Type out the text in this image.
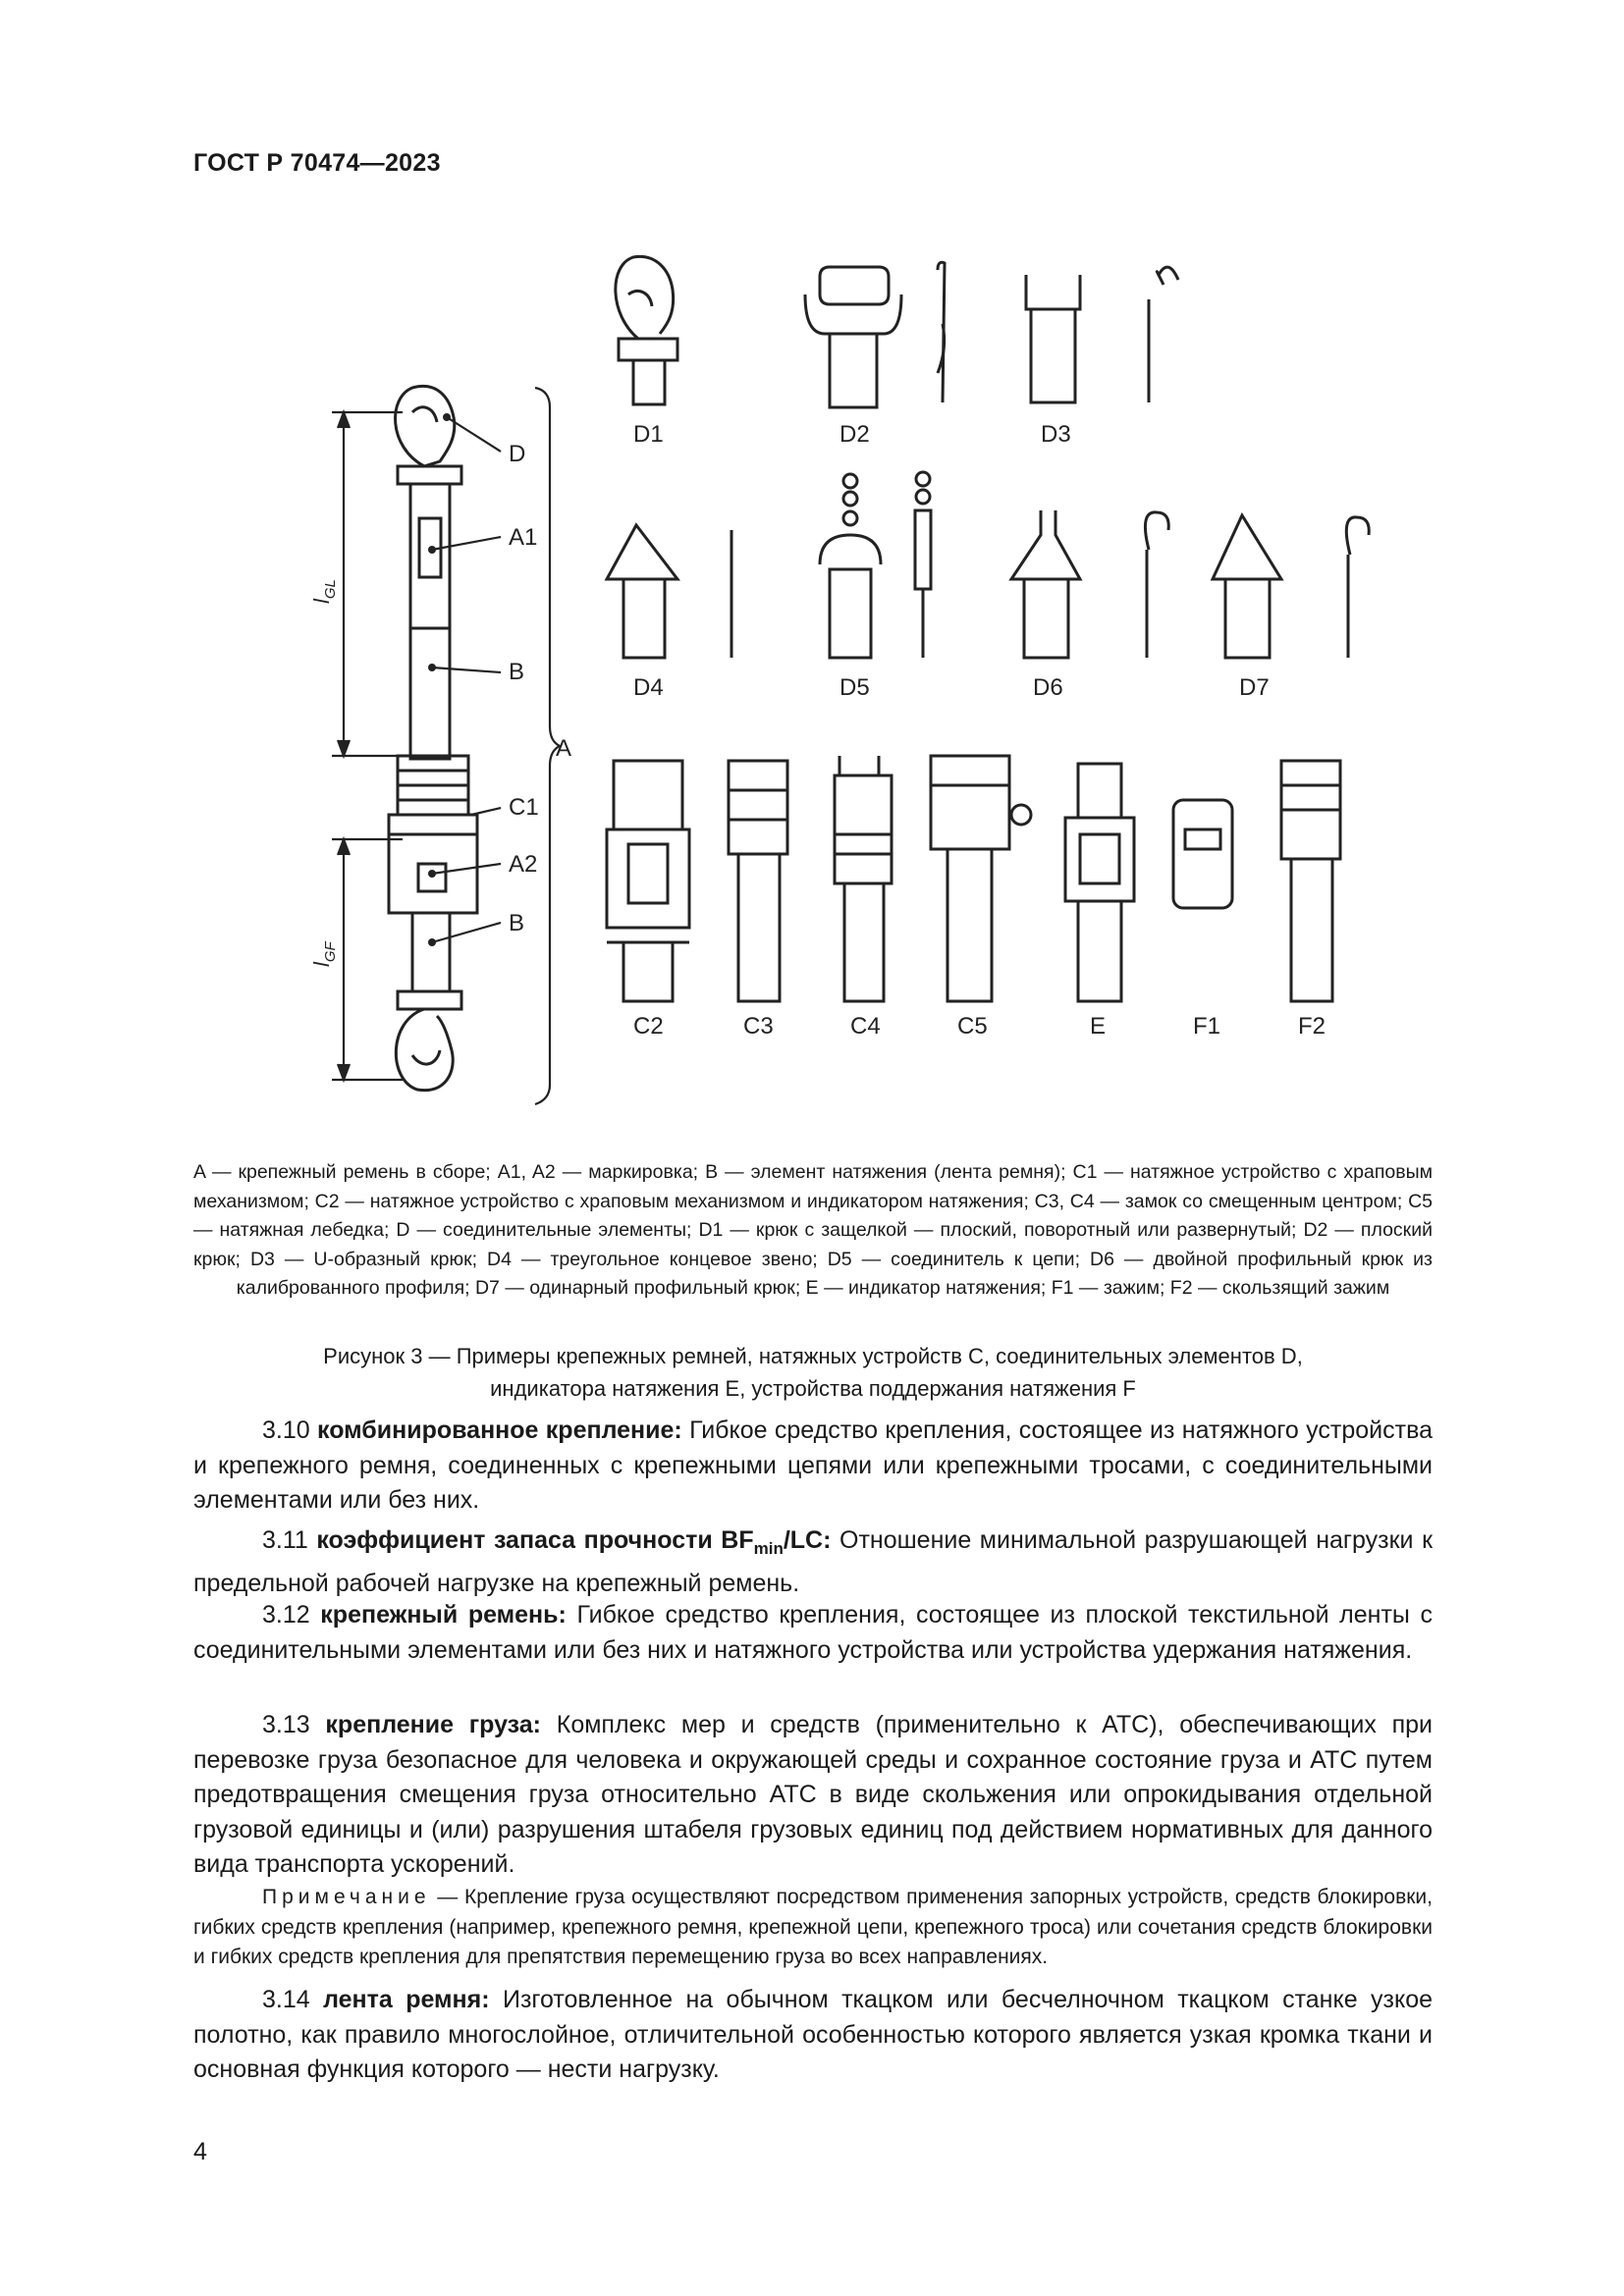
ГОСТ Р 70474—2023
D
A1
B
A
C1
A2
B
$l_{GL}$
$l_{GF}$
D1	D2	D3
D4	D5	D6	D7
C2	C3	C4	C5	E	F1	F2
A — крепежный ремень в сборе; A1, A2 — маркировка; B — элемент натяжения (лента ремня); C1 — натяжное устройство с храповым механизмом; C2 — натяжное устройство с храповым механизмом и индикатором натяжения; C3, C4 — замок со смещенным центром; C5 — натяжная лебедка; D — соединительные элементы; D1 — крюк с защелкой — плоский, поворотный или развернутый; D2 — плоский крюк; D3 — U-образный крюк; D4 — треугольное концевое звено; D5 — соединитель к цепи; D6 — двойной профильный крюк из калиброванного профиля; D7 — одинарный профильный крюк; E — индикатор натяжения; F1 — зажим; F2 — скользящий зажим
Рисунок 3 — Примеры крепежных ремней, натяжных устройств C, соединительных элементов D,
индикатора натяжения E, устройства поддержания натяжения F

3.10 комбинированное крепление: Гибкое средство крепления, состоящее из натяжного устройства и крепежного ремня, соединенных с крепежными цепями или крепежными тросами, с соединительными элементами или без них.

3.11 коэффициент запаса прочности $BF_{min}/LC$: Отношение минимальной разрушающей нагрузки к предельной рабочей нагрузке на крепежный ремень.

3.12 крепежный ремень: Гибкое средство крепления, состоящее из плоской текстильной ленты с соединительными элементами или без них и натяжного устройства или устройства удержания натяжения.

3.13 крепление груза: Комплекс мер и средств (применительно к АТС), обеспечивающих при перевозке груза безопасное для человека и окружающей среды и сохранное состояние груза и АТС путем предотвращения смещения груза относительно АТС в виде скольжения или опрокидывания отдельной грузовой единицы и (или) разрушения штабеля грузовых единиц под действием нормативных для данного вида транспорта ускорений.

Примечание — Крепление груза осуществляют посредством применения запорных устройств, средств блокировки, гибких средств крепления (например, крепежного ремня, крепежной цепи, крепежного троса) или сочетания средств блокировки и гибких средств крепления для препятствия перемещению груза во всех направлениях.

3.14 лента ремня: Изготовленное на обычном ткацком или бесчелночном ткацком станке узкое полотно, как правило многослойное, отличительной особенностью которого является узкая кромка ткани и основная функция которого — нести нагрузку.

4
